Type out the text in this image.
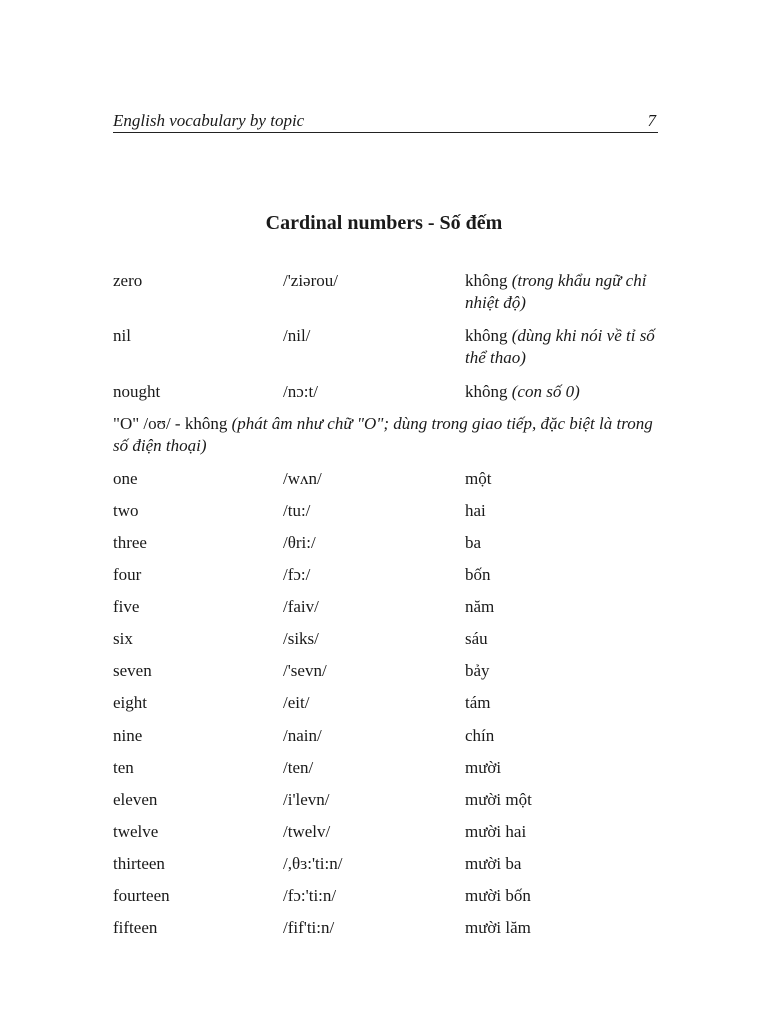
English vocabulary by topic	7
Cardinal numbers - Số đếm
zero	/'ziərou/	không (trong khẩu ngữ chỉ nhiệt độ)
nil	/nil/	không (dùng khi nói về tỉ số thể thao)
nought	/nɔ:t/	không (con số 0)
"O" /oʊ/ - không (phát âm như chữ "O"; dùng trong giao tiếp, đặc biệt là trong số điện thoại)
one	/wʌn/	một
two	/tu:/	hai
three	/θri:/	ba
four	/fɔ:/	bốn
five	/faiv/	năm
six	/siks/	sáu
seven	/'sevn/	bảy
eight	/eit/	tám
nine	/nain/	chín
ten	/ten/	mười
eleven	/i'levn/	mười một
twelve	/twelv/	mười hai
thirteen	/,θɜ:'ti:n/	mười ba
fourteen	/fɔ:'ti:n/	mười bốn
fifteen	/fif'ti:n/	mười lăm
